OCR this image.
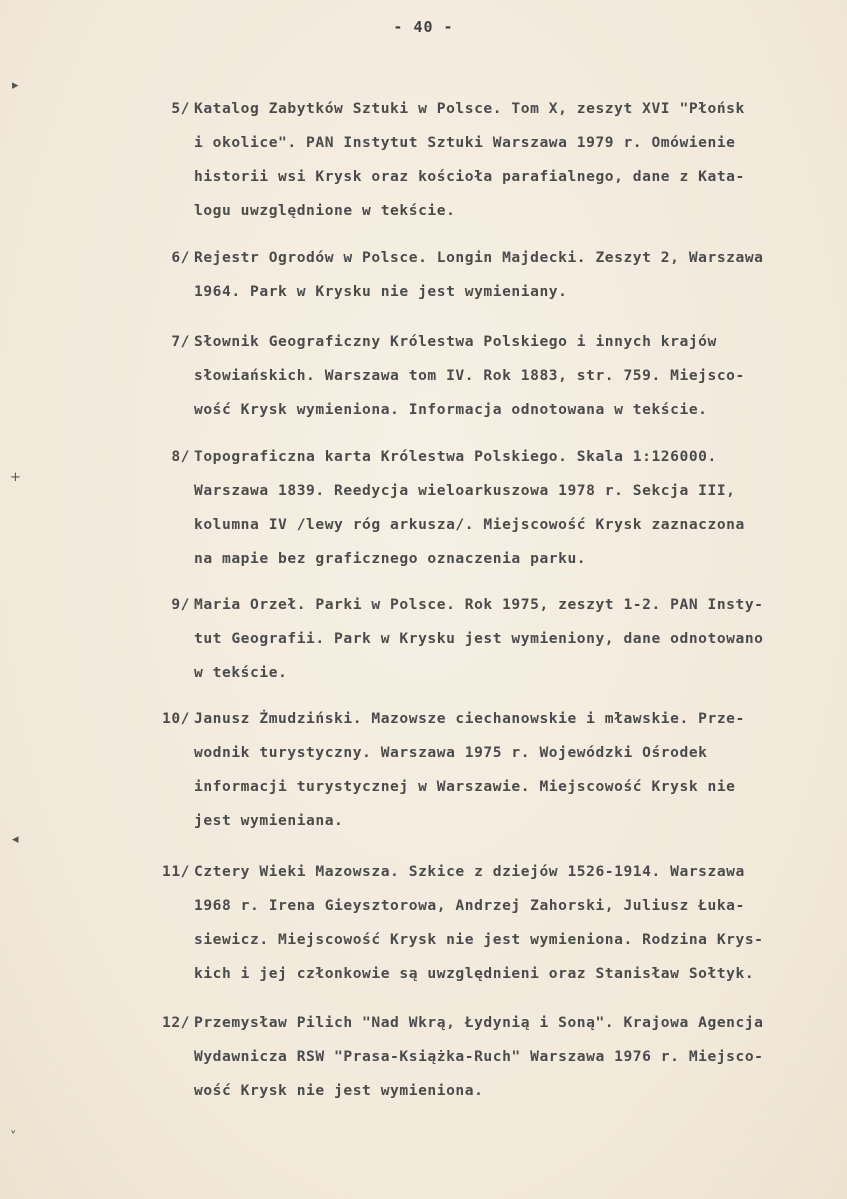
- 40 -
5/ Katalog Zabytków Sztuki w Polsce. Tom X, zeszyt XVI "Płońsk
i okolice". PAN Instytut Sztuki Warszawa 1979 r. Omówienie
historii wsi Krysk oraz kościoła parafialnego, dane z Kata-
logu uwzględnione w tekście.
6/ Rejestr Ogrodów w Polsce. Longin Majdecki. Zeszyt 2, Warszawa
1964. Park w Krysku nie jest wymieniany.
7/ Słownik Geograficzny Królestwa Polskiego i innych krajów
słowiańskich. Warszawa tom IV. Rok 1883, str. 759. Miejsco-
wość Krysk wymieniona. Informacja odnotowana w tekście.
8/ Topograficzna karta Królestwa Polskiego. Skala 1:126000.
Warszawa 1839. Reedycja wieloarkuszowa 1978 r. Sekcja III,
kolumna IV /lewy róg arkusza/. Miejscowość Krysk zaznaczona
na mapie bez graficznego oznaczenia parku.
9/ Maria Orzeł. Parki w Polsce. Rok 1975, zeszyt 1-2. PAN Insty-
tut Geografii. Park w Krysku jest wymieniony, dane odnotowano
w tekście.
10/ Janusz Żmudziński. Mazowsze ciechanowskie i mławskie. Prze-
wodnik turystyczny. Warszawa 1975 r. Wojewódzki Ośrodek
informacji turystycznej w Warszawie. Miejscowość Krysk nie
jest wymieniana.
11/ Cztery Wieki Mazowsza. Szkice z dziejów 1526-1914. Warszawa
1968 r. Irena Gieysztorowa, Andrzej Zahorski, Juliusz Łuka-
siewicz. Miejscowość Krysk nie jest wymieniona. Rodzina Krys-
kich i jej członkowie są uwzględnieni oraz Stanisław Sołtyk.
12/ Przemysław Pilich "Nad Wkrą, Łydynią i Soną". Krajowa Agencja
Wydawnicza RSW "Prasa-Książka-Ruch" Warszawa 1976 r. Miejsco-
wość Krysk nie jest wymieniona.
▸
+
◂
˅
